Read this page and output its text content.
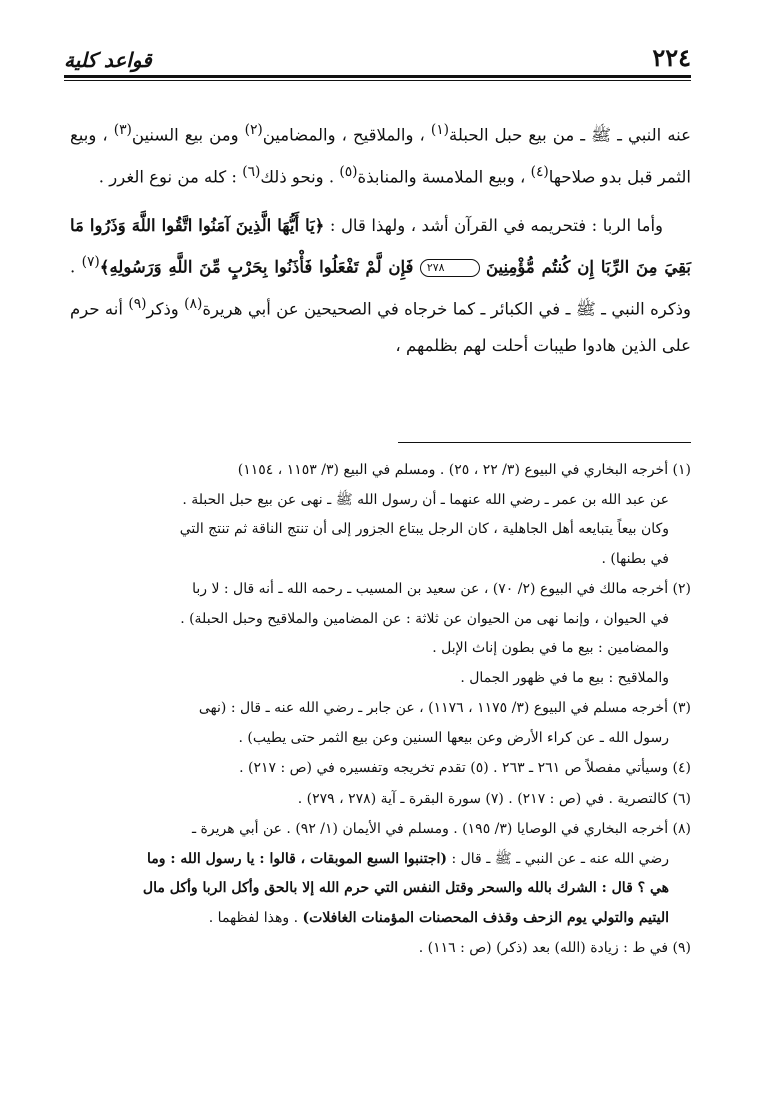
٢٢٤
قواعد كلية

عنه النبي ـ ﷺ ـ من بيع حبل الحبلة$^{(١)}$ ، والملاقيح ، والمضامين$^{(٢)}$ ومن بيع السنين$^{(٣)}$ ، وبيع الثمر قبل بدو صلاحها$^{(٤)}$ ، وبيع الملامسة والمنابذة$^{(٥)}$ . ونحو ذلك$^{(٦)}$ : كله من نوع الغرر .

وأما الربا : فتحريمه في القرآن أشد ، ولهذا قال : ﴿يَا أَيُّهَا الَّذِينَ آمَنُوا اتَّقُوا اللَّهَ وَذَرُوا مَا بَقِيَ مِنَ الرِّبَا إِن كُنتُم مُّؤْمِنِينَ ٢٧٨ فَإِن لَّمْ تَفْعَلُوا فَأْذَنُوا بِحَرْبٍ مِّنَ اللَّهِ وَرَسُولِهِ﴾$^{(٧)}$ . وذكره النبي ـ ﷺ ـ في الكبائر ـ كما خرجاه في الصحيحين عن أبي هريرة$^{(٨)}$ وذكر$^{(٩)}$ أنه حرم على الذين هادوا طيبات أحلت لهم بظلمهم ،

(١) أخرجه البخاري في البيوع (٣/ ٢٢ ، ٢٥) . ومسلم في البيع (٣/ ١١٥٣ ، ١١٥٤)
عن عبد الله بن عمر ـ رضي الله عنهما ـ أن رسول الله ﷺ ـ نهى عن بيع حبل الحبلة .
وكان بيعاً يتبايعه أهل الجاهلية ، كان الرجل يبتاع الجزور إلى أن تنتج الناقة ثم تنتج التي
في بطنها) .
(٢) أخرجه مالك في البيوع (٢/ ٧٠) ، عن سعيد بن المسيب ـ رحمه الله ـ أنه قال : لا ربا
في الحيوان ، وإنما نهى من الحيوان عن ثلاثة : عن المضامين والملاقيح وحبل الحبلة) .
والمضامين : بيع ما في بطون إناث الإبل .
والملاقيح : بيع ما في ظهور الجمال .
(٣) أخرجه مسلم في البيوع (٣/ ١١٧٥ ، ١١٧٦) ، عن جابر ـ رضي الله عنه ـ قال : (نهى
رسول الله ـ عن كراء الأرض وعن بيعها السنين وعن بيع الثمر حتى يطيب) .
(٤) وسيأتي مفصلاً ص ٢٦١ ـ ٢٦٣ . (٥) تقدم تخريجه وتفسيره في (ص : ٢١٧) .
(٦) كالتصرية . في (ص : ٢١٧) . (٧) سورة البقرة ـ آية (٢٧٨ ، ٢٧٩) .
(٨) أخرجه البخاري في الوصايا (٣/ ١٩٥) . ومسلم في الأيمان (١/ ٩٢) . عن أبي هريرة ـ
رضي الله عنه ـ عن النبي ـ ﷺ ـ قال : (اجتنبوا السبع الموبقات ، قالوا : يا رسول الله : وما
هي ؟ قال : الشرك بالله والسحر وقتل النفس التي حرم الله إلا بالحق وأكل الربا وأكل مال
اليتيم والتولي يوم الزحف وقذف المحصنات المؤمنات الغافلات) . وهذا لفظهما .
(٩) في ط : زيادة (الله) بعد (ذكر) (ص : ١١٦) .
